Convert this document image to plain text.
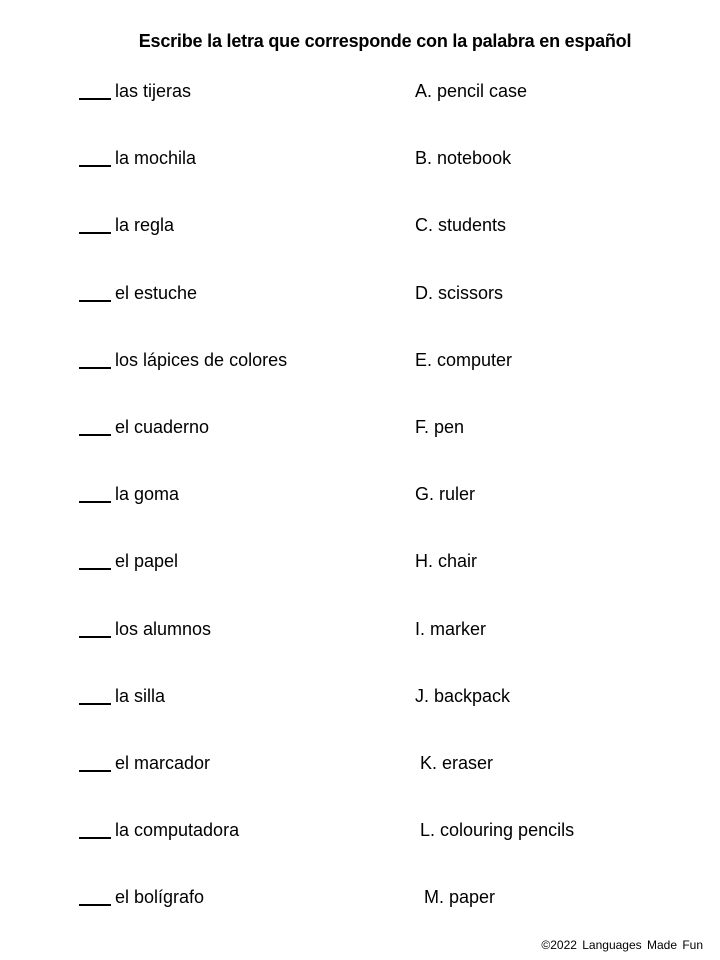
Escribe la letra que corresponde con la palabra en español
las tijeras	A. pencil case
la mochila	B. notebook
la regla	C. students
el estuche	D. scissors
los lápices de colores	E. computer
el cuaderno	F. pen
la goma	G. ruler
el papel	H. chair
los alumnos	I. marker
la silla	J. backpack
el marcador	K. eraser
la computadora	L. colouring pencils
el bolígrafo	M. paper
©2022 Languages Made Fun
